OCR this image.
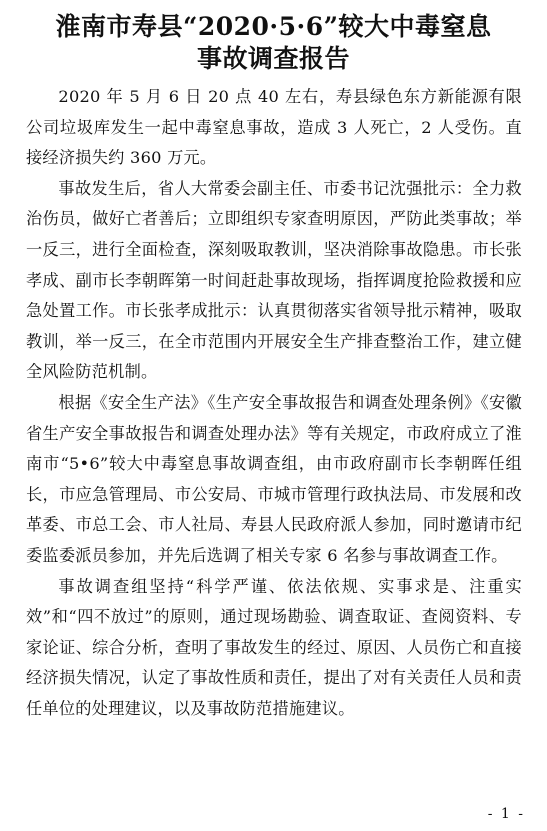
淮南市寿县“2020·5·6”较大中毒窒息
事故调查报告

2020 年 5 月 6 日 20 点 40 左右，寿县绿色东方新能源有限公司垃圾库发生一起中毒窒息事故，造成 3 人死亡，2 人受伤。直接经济损失约 360 万元。

事故发生后，省人大常委会副主任、市委书记沈强批示：全力救治伤员，做好亡者善后；立即组织专家查明原因，严防此类事故；举一反三，进行全面检查，深刻吸取教训，坚决消除事故隐患。市长张孝成、副市长李朝晖第一时间赶赴事故现场，指挥调度抢险救援和应急处置工作。市长张孝成批示：认真贯彻落实省领导批示精神，吸取教训，举一反三，在全市范围内开展安全生产排查整治工作，建立健全风险防范机制。

根据《安全生产法》《生产安全事故报告和调查处理条例》《安徽省生产安全事故报告和调查处理办法》等有关规定，市政府成立了淮南市“5•6”较大中毒窒息事故调查组，由市政府副市长李朝晖任组长，市应急管理局、市公安局、市城市管理行政执法局、市发展和改革委、市总工会、市人社局、寿县人民政府派人参加，同时邀请市纪委监委派员参加，并先后选调了相关专家 6 名参与事故调查工作。

事故调查组坚持“科学严谨、依法依规、实事求是、注重实效”和“四不放过”的原则，通过现场勘验、调查取证、查阅资料、专家论证、综合分析，查明了事故发生的经过、原因、人员伤亡和直接经济损失情况，认定了事故性质和责任，提出了对有关责任人员和责任单位的处理建议，以及事故防范措施建议。

- 1 -
